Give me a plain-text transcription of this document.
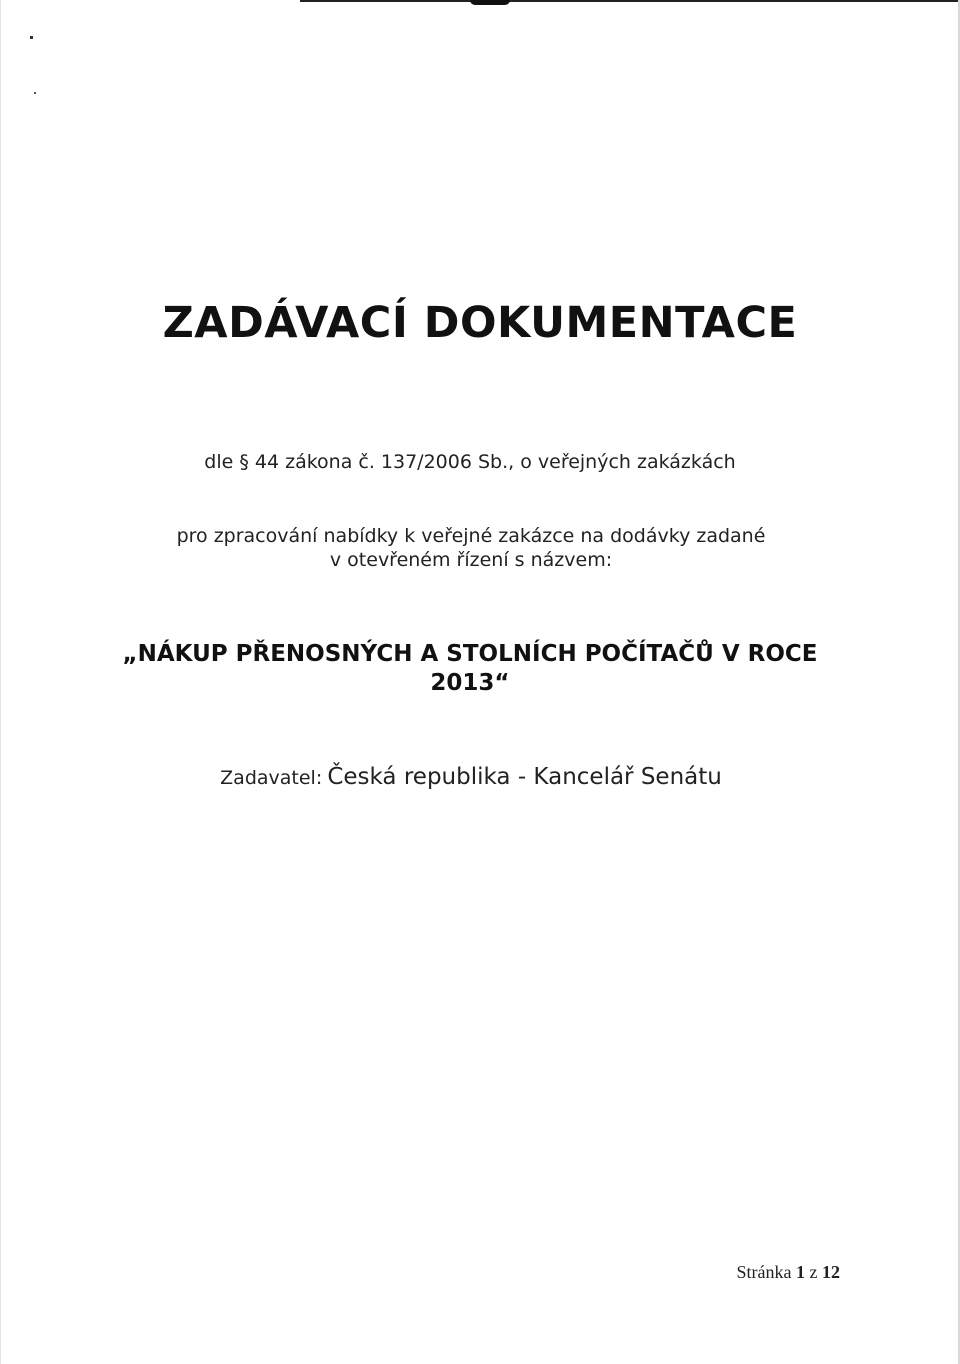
ZADÁVACÍ DOKUMENTACE
dle § 44 zákona č. 137/2006 Sb., o veřejných zakázkách
pro zpracování nabídky k veřejné zakázce na dodávky zadané
v otevřeném řízení s názvem:
„NÁKUP PŘENOSNÝCH A STOLNÍCH POČÍTAČŮ V ROCE
2013“
Zadavatel: Česká republika - Kancelář Senátu
Stránka 1 z 12
